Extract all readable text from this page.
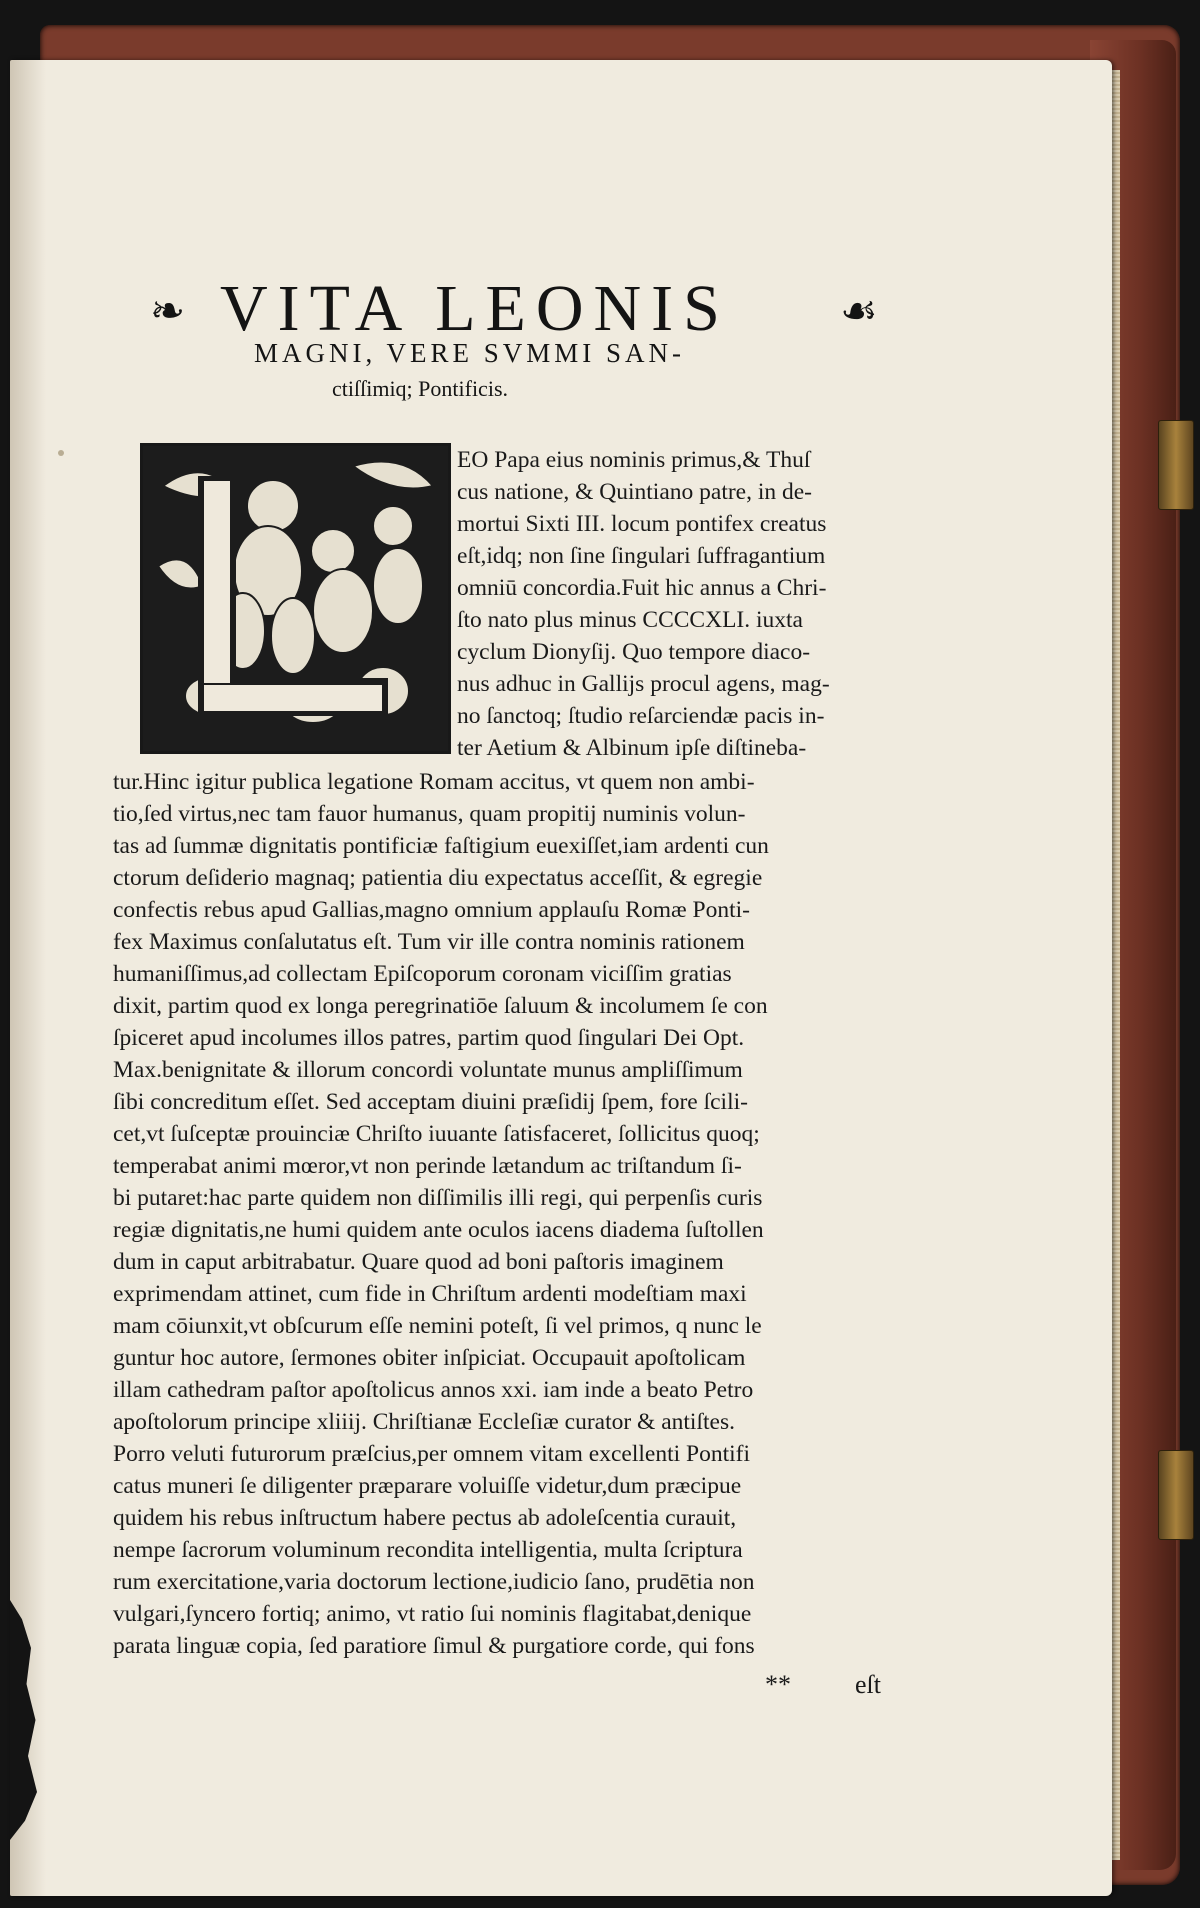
❧ VITA LEONIS	☙
MAGNI, VERE SVMMI SAN-
ctiſſimiq; Pontificis.
EO Papa eius nominis primus,& Thuſ
cus natione, & Quintiano patre, in de-
mortui Sixti III. locum pontifex creatus
eſt,idq; non ſine ſingulari ſuffragantium
omniū concordia.Fuit hic annus a Chri-
ſto nato plus minus CCCCXLI. iuxta
cyclum Dionyſij. Quo tempore diaco-
nus adhuc in Gallijs procul agens, mag-
no ſanctoq; ſtudio reſarciendæ pacis in-
ter Aetium & Albinum ipſe diſtineba-
tur.Hinc igitur publica legatione Romam accitus, vt quem non ambi-
tio,ſed virtus,nec tam fauor humanus, quam propitij numinis volun-
tas ad ſummæ dignitatis pontificiæ faſtigium euexiſſet,iam ardenti cun
ctorum deſiderio magnaq; patientia diu expectatus acceſſit, & egregie
confectis rebus apud Gallias,magno omnium applauſu Romæ Ponti-
fex Maximus conſalutatus eſt. Tum vir ille contra nominis rationem
humaniſſimus,ad collectam Epiſcoporum coronam viciſſim gratias
dixit, partim quod ex longa peregrinatiōe ſaluum & incolumem ſe con
ſpiceret apud incolumes illos patres, partim quod ſingulari Dei Opt.
Max.benignitate & illorum concordi voluntate munus ampliſſimum
ſibi concreditum eſſet. Sed acceptam diuini præſidij ſpem, fore ſcili-
cet,vt ſuſceptæ prouinciæ Chriſto iuuante ſatisfaceret, ſollicitus quoq;
temperabat animi mœror,vt non perinde lætandum ac triſtandum ſi-
bi putaret:hac parte quidem non diſſimilis illi regi, qui perpenſis curis
regiæ dignitatis,ne humi quidem ante oculos iacens diadema ſuſtollen
dum in caput arbitrabatur. Quare quod ad boni paſtoris imaginem
exprimendam attinet, cum fide in Chriſtum ardenti modeſtiam maxi
mam cōiunxit,vt obſcurum eſſe nemini poteſt, ſi vel primos, q nunc le
guntur hoc autore, ſermones obiter inſpiciat. Occupauit apoſtolicam
illam cathedram paſtor apoſtolicus annos xxi. iam inde a beato Petro
apoſtolorum principe xliiij. Chriſtianæ Eccleſiæ curator & antiſtes.
Porro veluti futurorum præſcius,per omnem vitam excellenti Pontifi
catus muneri ſe diligenter præparare voluiſſe videtur,dum præcipue
quidem his rebus inſtructum habere pectus ab adoleſcentia curauit,
nempe ſacrorum voluminum recondita intelligentia, multa ſcriptura
rum exercitatione,varia doctorum lectione,iudicio ſano, prudētia non
vulgari,ſyncero fortiq; animo, vt ratio ſui nominis flagitabat,denique
parata linguæ copia, ſed paratiore ſimul & purgatiore corde, qui fons
** eſt
